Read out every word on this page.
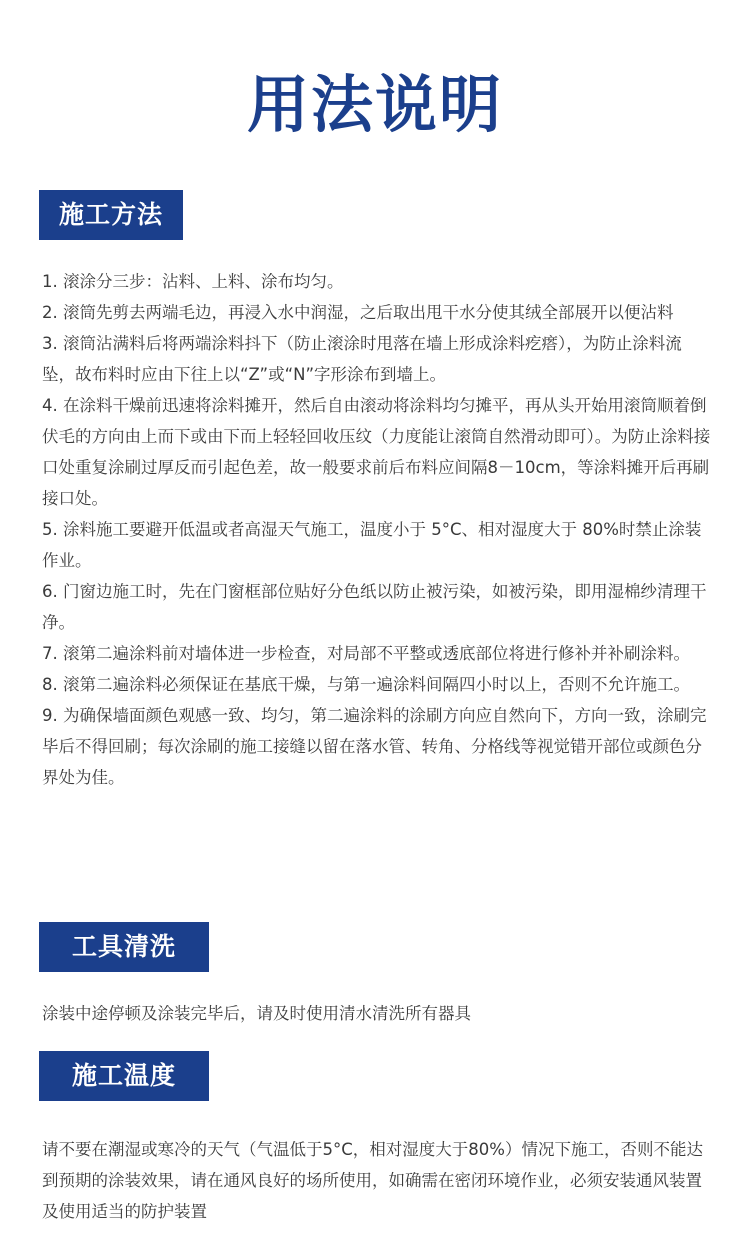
用法说明
施工方法
1. 滚涂分三步：沾料、上料、涂布均匀。
2. 滚筒先剪去两端毛边，再浸入水中润湿，之后取出甩干水分使其绒全部展开以便沾料
3. 滚筒沾满料后将两端涂料抖下（防止滚涂时甩落在墙上形成涂料疙瘩），为防止涂料流坠，故布料时应由下往上以“Z”或“N”字形涂布到墙上。
4. 在涂料干燥前迅速将涂料摊开，然后自由滚动将涂料均匀摊平，再从头开始用滚筒顺着倒伏毛的方向由上而下或由下而上轻轻回收压纹（力度能让滚筒自然滑动即可）。为防止涂料接口处重复涂刷过厚反而引起色差，故一般要求前后布料应间隔8－10cm，等涂料摊开后再刷接口处。
5. 涂料施工要避开低温或者高湿天气施工，温度小于 5°C、相对湿度大于 80%时禁止涂装作业。
6. 门窗边施工时，先在门窗框部位贴好分色纸以防止被污染，如被污染，即用湿棉纱清理干净。
7. 滚第二遍涂料前对墙体进一步检查，对局部不平整或透底部位将进行修补并补刷涂料。
8. 滚第二遍涂料必须保证在基底干燥，与第一遍涂料间隔四小时以上，否则不允许施工。
9. 为确保墙面颜色观感一致、均匀，第二遍涂料的涂刷方向应自然向下，方向一致，涂刷完毕后不得回刷；每次涂刷的施工接缝以留在落水管、转角、分格线等视觉错开部位或颜色分界处为佳。
工具清洗

涂装中途停顿及涂装完毕后，请及时使用清水清洗所有器具

施工温度

请不要在潮湿或寒冷的天气（气温低于5°C，相对湿度大于80%）情况下施工，否则不能达到预期的涂装效果，请在通风良好的场所使用，如确需在密闭环境作业，必须安装通风装置及使用适当的防护装置
